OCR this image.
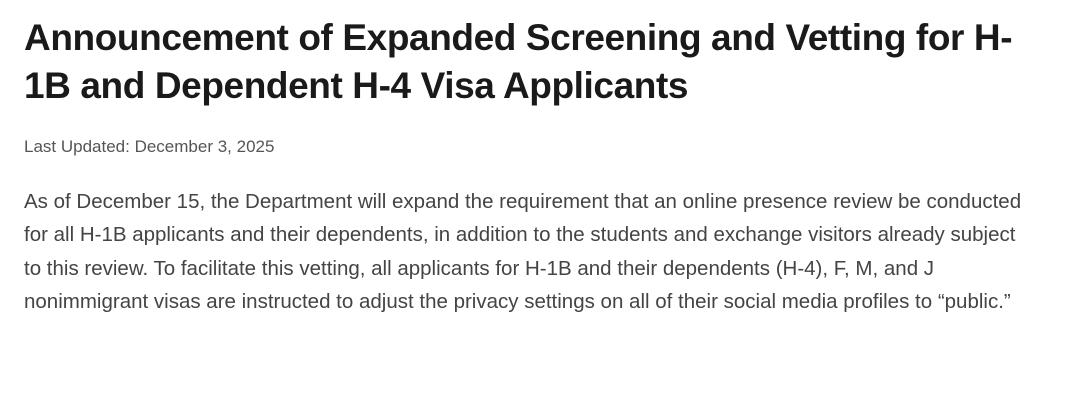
Announcement of Expanded Screening and Vetting for H-1B and Dependent H-4 Visa Applicants
Last Updated: December 3, 2025

As of December 15, the Department will expand the requirement that an online presence review be conducted for all H-1B applicants and their dependents, in addition to the students and exchange visitors already subject to this review. To facilitate this vetting, all applicants for H-1B and their dependents (H-4), F, M, and J nonimmigrant visas are instructed to adjust the privacy settings on all of their social media profiles to “public.”
